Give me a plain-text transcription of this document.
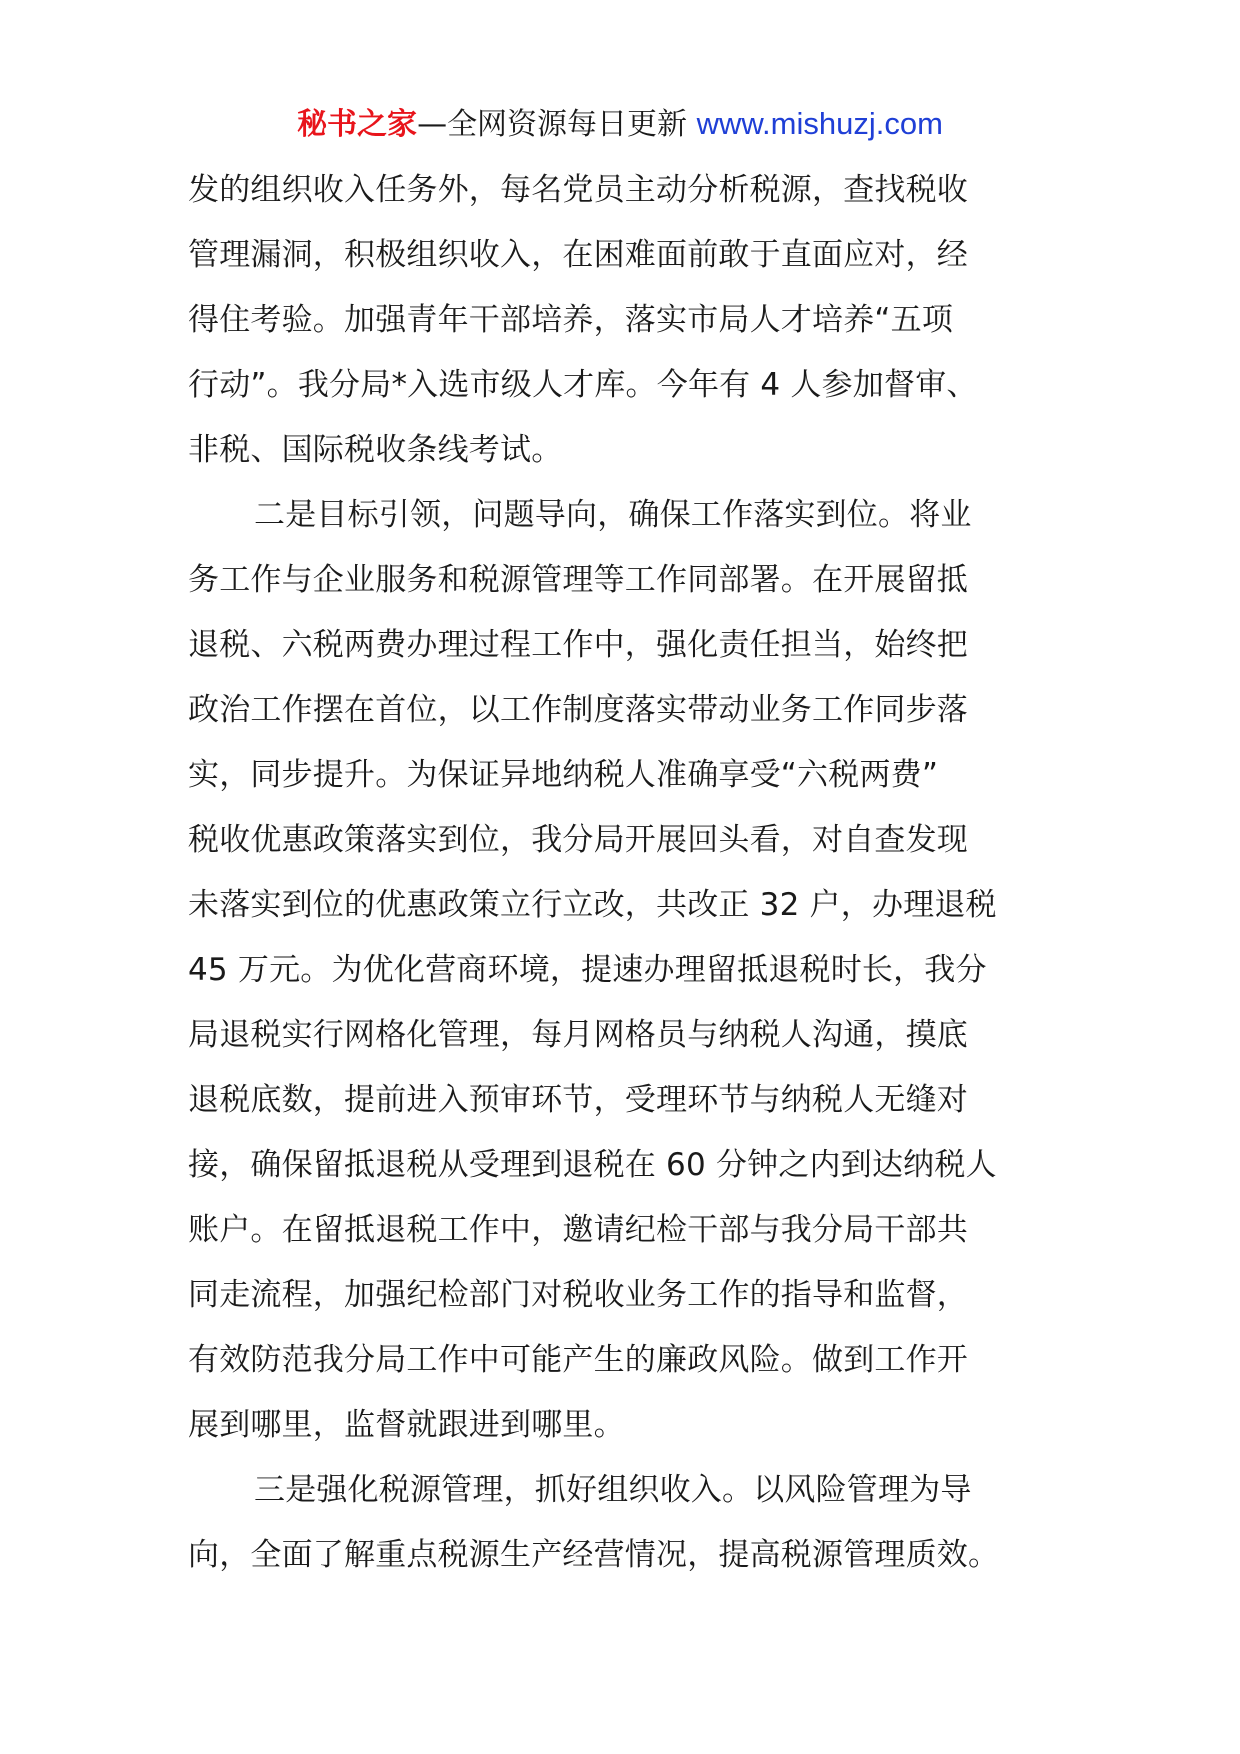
秘书之家—全网资源每日更新 www.mishuzj.com
发的组织收入任务外，每名党员主动分析税源，查找税收
管理漏洞，积极组织收入，在困难面前敢于直面应对，经
得住考验。加强青年干部培养，落实市局人才培养“五项
行动”。我分局*入选市级人才库。今年有 4 人参加督审、
非税、国际税收条线考试。
二是目标引领，问题导向，确保工作落实到位。将业
务工作与企业服务和税源管理等工作同部署。在开展留抵
退税、六税两费办理过程工作中，强化责任担当，始终把
政治工作摆在首位，以工作制度落实带动业务工作同步落
实，同步提升。为保证异地纳税人准确享受“六税两费”
税收优惠政策落实到位，我分局开展回头看，对自查发现
未落实到位的优惠政策立行立改，共改正 32 户，办理退税
45 万元。为优化营商环境，提速办理留抵退税时长，我分
局退税实行网格化管理，每月网格员与纳税人沟通，摸底
退税底数，提前进入预审环节，受理环节与纳税人无缝对
接，确保留抵退税从受理到退税在 60 分钟之内到达纳税人
账户。在留抵退税工作中，邀请纪检干部与我分局干部共
同走流程，加强纪检部门对税收业务工作的指导和监督，
有效防范我分局工作中可能产生的廉政风险。做到工作开
展到哪里，监督就跟进到哪里。
三是强化税源管理，抓好组织收入。以风险管理为导
向，全面了解重点税源生产经营情况，提高税源管理质效。
